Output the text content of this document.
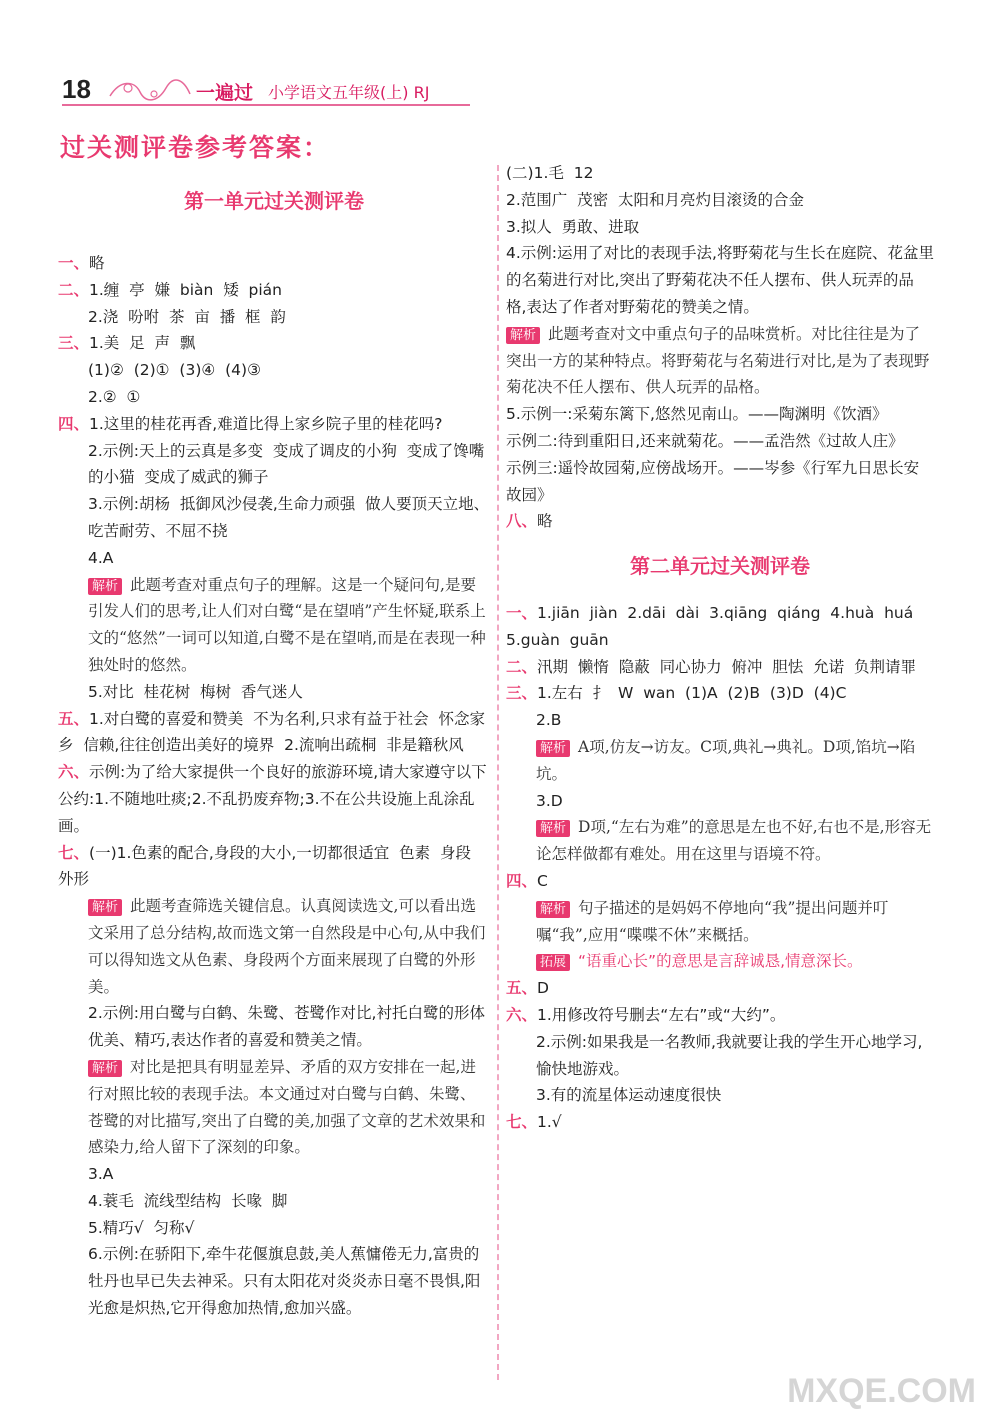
18	一遍过 小学语文五年级(上) RJ
过关测评卷参考答案：
第一单元过关测评卷

一、略

二、1.缠  亭  嫌  biàn  矮  pián

2.浇  吩咐  茶  亩  播  框  韵

三、1.美  足  声  飘

(1)②  (2)①  (3)④  (4)③

2.②  ①

四、1.这里的桂花再香,难道比得上家乡院子里的桂花吗?

2.示例:天上的云真是多变  变成了调皮的小狗  变成了馋嘴的小猫  变成了威武的狮子

3.示例:胡杨  抵御风沙侵袭,生命力顽强  做人要顶天立地、吃苦耐劳、不屈不挠

4.A

解析 此题考查对重点句子的理解。这是一个疑问句,是要引发人们的思考,让人们对白鹭“是在望哨”产生怀疑,联系上文的“悠然”一词可以知道,白鹭不是在望哨,而是在表现一种独处时的悠然。

5.对比  桂花树  梅树  香气迷人

五、1.对白鹭的喜爱和赞美  不为名利,只求有益于社会  怀念家乡  信赖,往往创造出美好的境界  2.流响出疏桐  非是籍秋风

六、示例:为了给大家提供一个良好的旅游环境,请大家遵守以下公约:1.不随地吐痰;2.不乱扔废弃物;3.不在公共设施上乱涂乱画。

七、(一)1.色素的配合,身段的大小,一切都很适宜  色素  身段  外形

解析 此题考查筛选关键信息。认真阅读选文,可以看出选文采用了总分结构,故而选文第一自然段是中心句,从中我们可以得知选文从色素、身段两个方面来展现了白鹭的外形美。

2.示例:用白鹭与白鹤、朱鹭、苍鹭作对比,衬托白鹭的形体优美、精巧,表达作者的喜爱和赞美之情。

解析 对比是把具有明显差异、矛盾的双方安排在一起,进行对照比较的表现手法。本文通过对白鹭与白鹤、朱鹭、苍鹭的对比描写,突出了白鹭的美,加强了文章的艺术效果和感染力,给人留下了深刻的印象。

3.A

4.蓑毛  流线型结构  长喙  脚

5.精巧√  匀称√

6.示例:在骄阳下,牵牛花偃旗息鼓,美人蕉慵倦无力,富贵的牡丹也早已失去神采。只有太阳花对炎炎赤日毫不畏惧,阳光愈是炽热,它开得愈加热情,愈加兴盛。

(二)1.毛  12

2.范围广  茂密  太阳和月亮灼目滚烫的合金

3.拟人  勇敢、进取

4.示例:运用了对比的表现手法,将野菊花与生长在庭院、花盆里的名菊进行对比,突出了野菊花决不任人摆布、供人玩弄的品格,表达了作者对野菊花的赞美之情。

解析 此题考查对文中重点句子的品味赏析。对比往往是为了突出一方的某种特点。将野菊花与名菊进行对比,是为了表现野菊花决不任人摆布、供人玩弄的品格。

5.示例一:采菊东篱下,悠然见南山。——陶渊明《饮酒》

示例二:待到重阳日,还来就菊花。——孟浩然《过故人庄》

示例三:遥怜故园菊,应傍战场开。——岑参《行军九日思长安故园》

八、略

第二单元过关测评卷

一、1.jiān  jiàn  2.dāi  dài  3.qiāng  qiáng  4.huà  huá  5.guàn  guān

二、汛期  懒惰  隐蔽  同心协力  俯冲  胆怯  允诺  负荆请罪

三、1.左右  扌  W  wan  (1)A  (2)B  (3)D  (4)C

2.B

解析 A项,仿友→访友。C项,典礼→典礼。D项,馅坑→陷坑。

3.D

解析 D项,“左右为难”的意思是左也不好,右也不是,形容无论怎样做都有难处。用在这里与语境不符。

四、C

解析 句子描述的是妈妈不停地向“我”提出问题并叮嘱“我”,应用“喋喋不休”来概括。

拓展 “语重心长”的意思是言辞诚恳,情意深长。

五、D

六、1.用修改符号删去“左右”或“大约”。

2.示例:如果我是一名教师,我就要让我的学生开心地学习,愉快地游戏。

3.有的流星体运动速度很快

七、1.√

MXQE.COM
